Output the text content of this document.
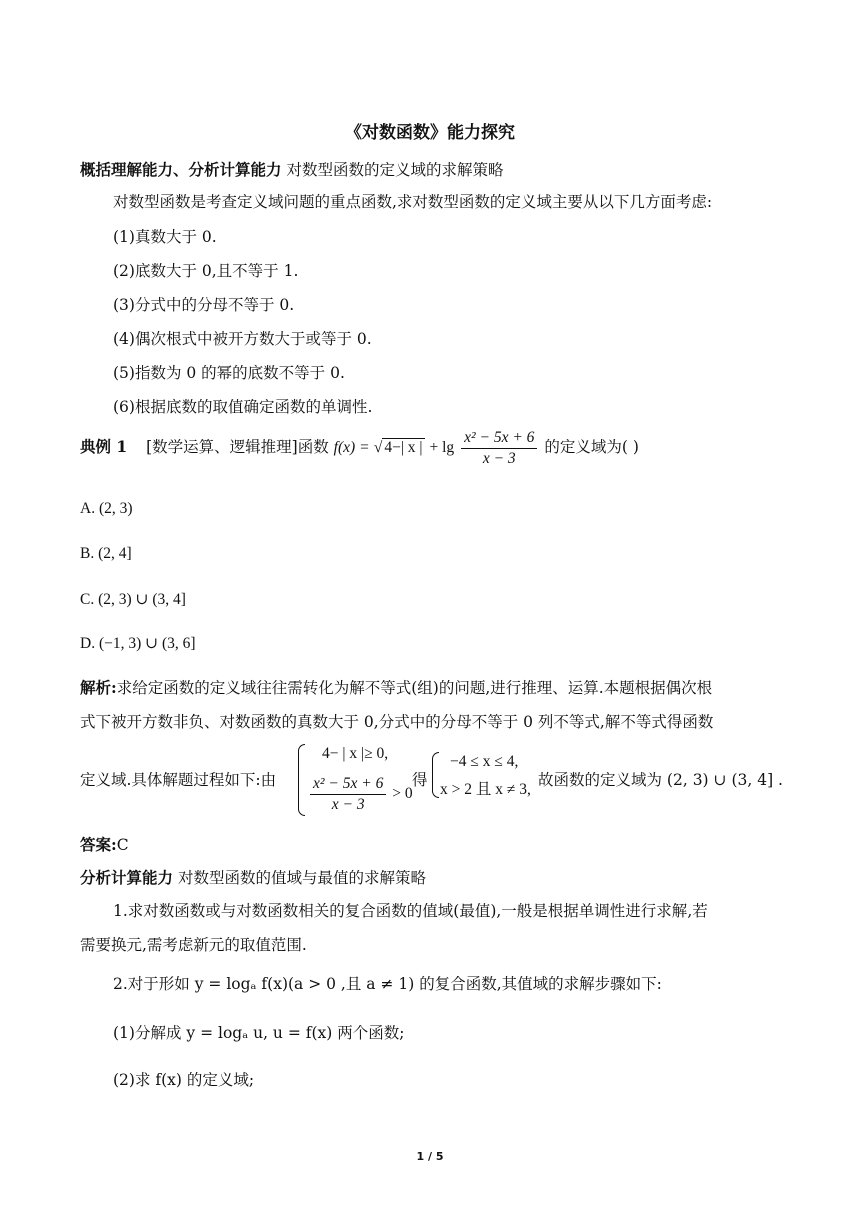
《对数函数》能力探究
概括理解能力、分析计算能力 对数型函数的定义域的求解策略
对数型函数是考查定义域问题的重点函数,求对数型函数的定义域主要从以下几方面考虑:
(1)真数大于 0.
(2)底数大于 0,且不等于 1.
(3)分式中的分母不等于 0.
(4)偶次根式中被开方数大于或等于 0.
(5)指数为 0 的幂的底数不等于 0.
(6)根据底数的取值确定函数的单调性.
典例 1 [数学运算、逻辑推理]函数 f(x) = √ 4−| x | + $\lg \frac{\text{x² − 5x + 6}}{x - 3}$ 的定义域为( )
A. (2, 3)
B. (2, 4]
C. (2, 3) ∪ (3, 4]
D. (−1, 3) ∪ (3, 6]
解析:求给定函数的定义域往往需转化为解不等式(组)的问题,进行推理、运算.本题根据偶次根
式下被开方数非负、对数函数的真数大于 0,分式中的分母不等于 0 列不等式,解不等式得函数
定义域.具体解题过程如下:由
4− | x |≥ 0,
$\frac{\text{x² − 5x + 6}}{x - 3} > 0$
得
−4 ≤ x ≤ 4,
x > 2 且 x ≠ 3,
故函数的定义域为 (2, 3) ∪ (3, 4] .
答案:C
分析计算能力 对数型函数的值域与最值的求解策略
1.求对数函数或与对数函数相关的复合函数的值域(最值),一般是根据单调性进行求解,若
需要换元,需考虑新元的取值范围.
2.对于形如 y = logₐ f(x)(a > 0 ,且 a ≠ 1) 的复合函数,其值域的求解步骤如下:
(1)分解成 y = logₐ u, u = f(x) 两个函数;
(2)求 f(x) 的定义域;
1 / 5
